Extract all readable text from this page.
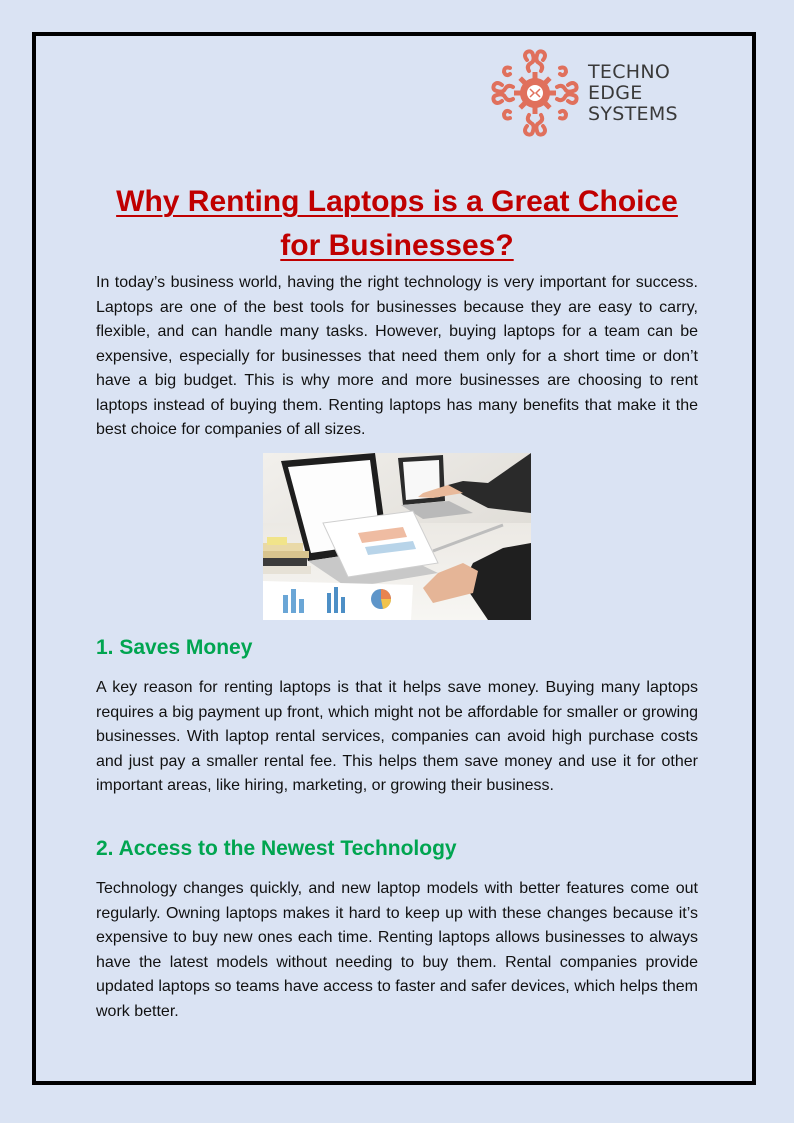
TECHNO
EDGE
SYSTEMS
Why Renting Laptops is a Great Choice
for Businesses?

In today’s business world, having the right technology is very important for success. Laptops are one of the best tools for businesses because they are easy to carry, flexible, and can handle many tasks. However, buying laptops for a team can be expensive, especially for businesses that need them only for a short time or don’t have a big budget. This is why more and more businesses are choosing to rent laptops instead of buying them. Renting laptops has many benefits that make it the best choice for companies of all sizes.

1. Saves Money

A key reason for renting laptops is that it helps save money. Buying many laptops requires a big payment up front, which might not be affordable for smaller or growing businesses. With laptop rental services, companies can avoid high purchase costs and just pay a smaller rental fee. This helps them save money and use it for other important areas, like hiring, marketing, or growing their business.

2. Access to the Newest Technology

Technology changes quickly, and new laptop models with better features come out regularly. Owning laptops makes it hard to keep up with these changes because it’s expensive to buy new ones each time. Renting laptops allows businesses to always have the latest models without needing to buy them. Rental companies provide updated laptops so teams have access to faster and safer devices, which helps them work better.
